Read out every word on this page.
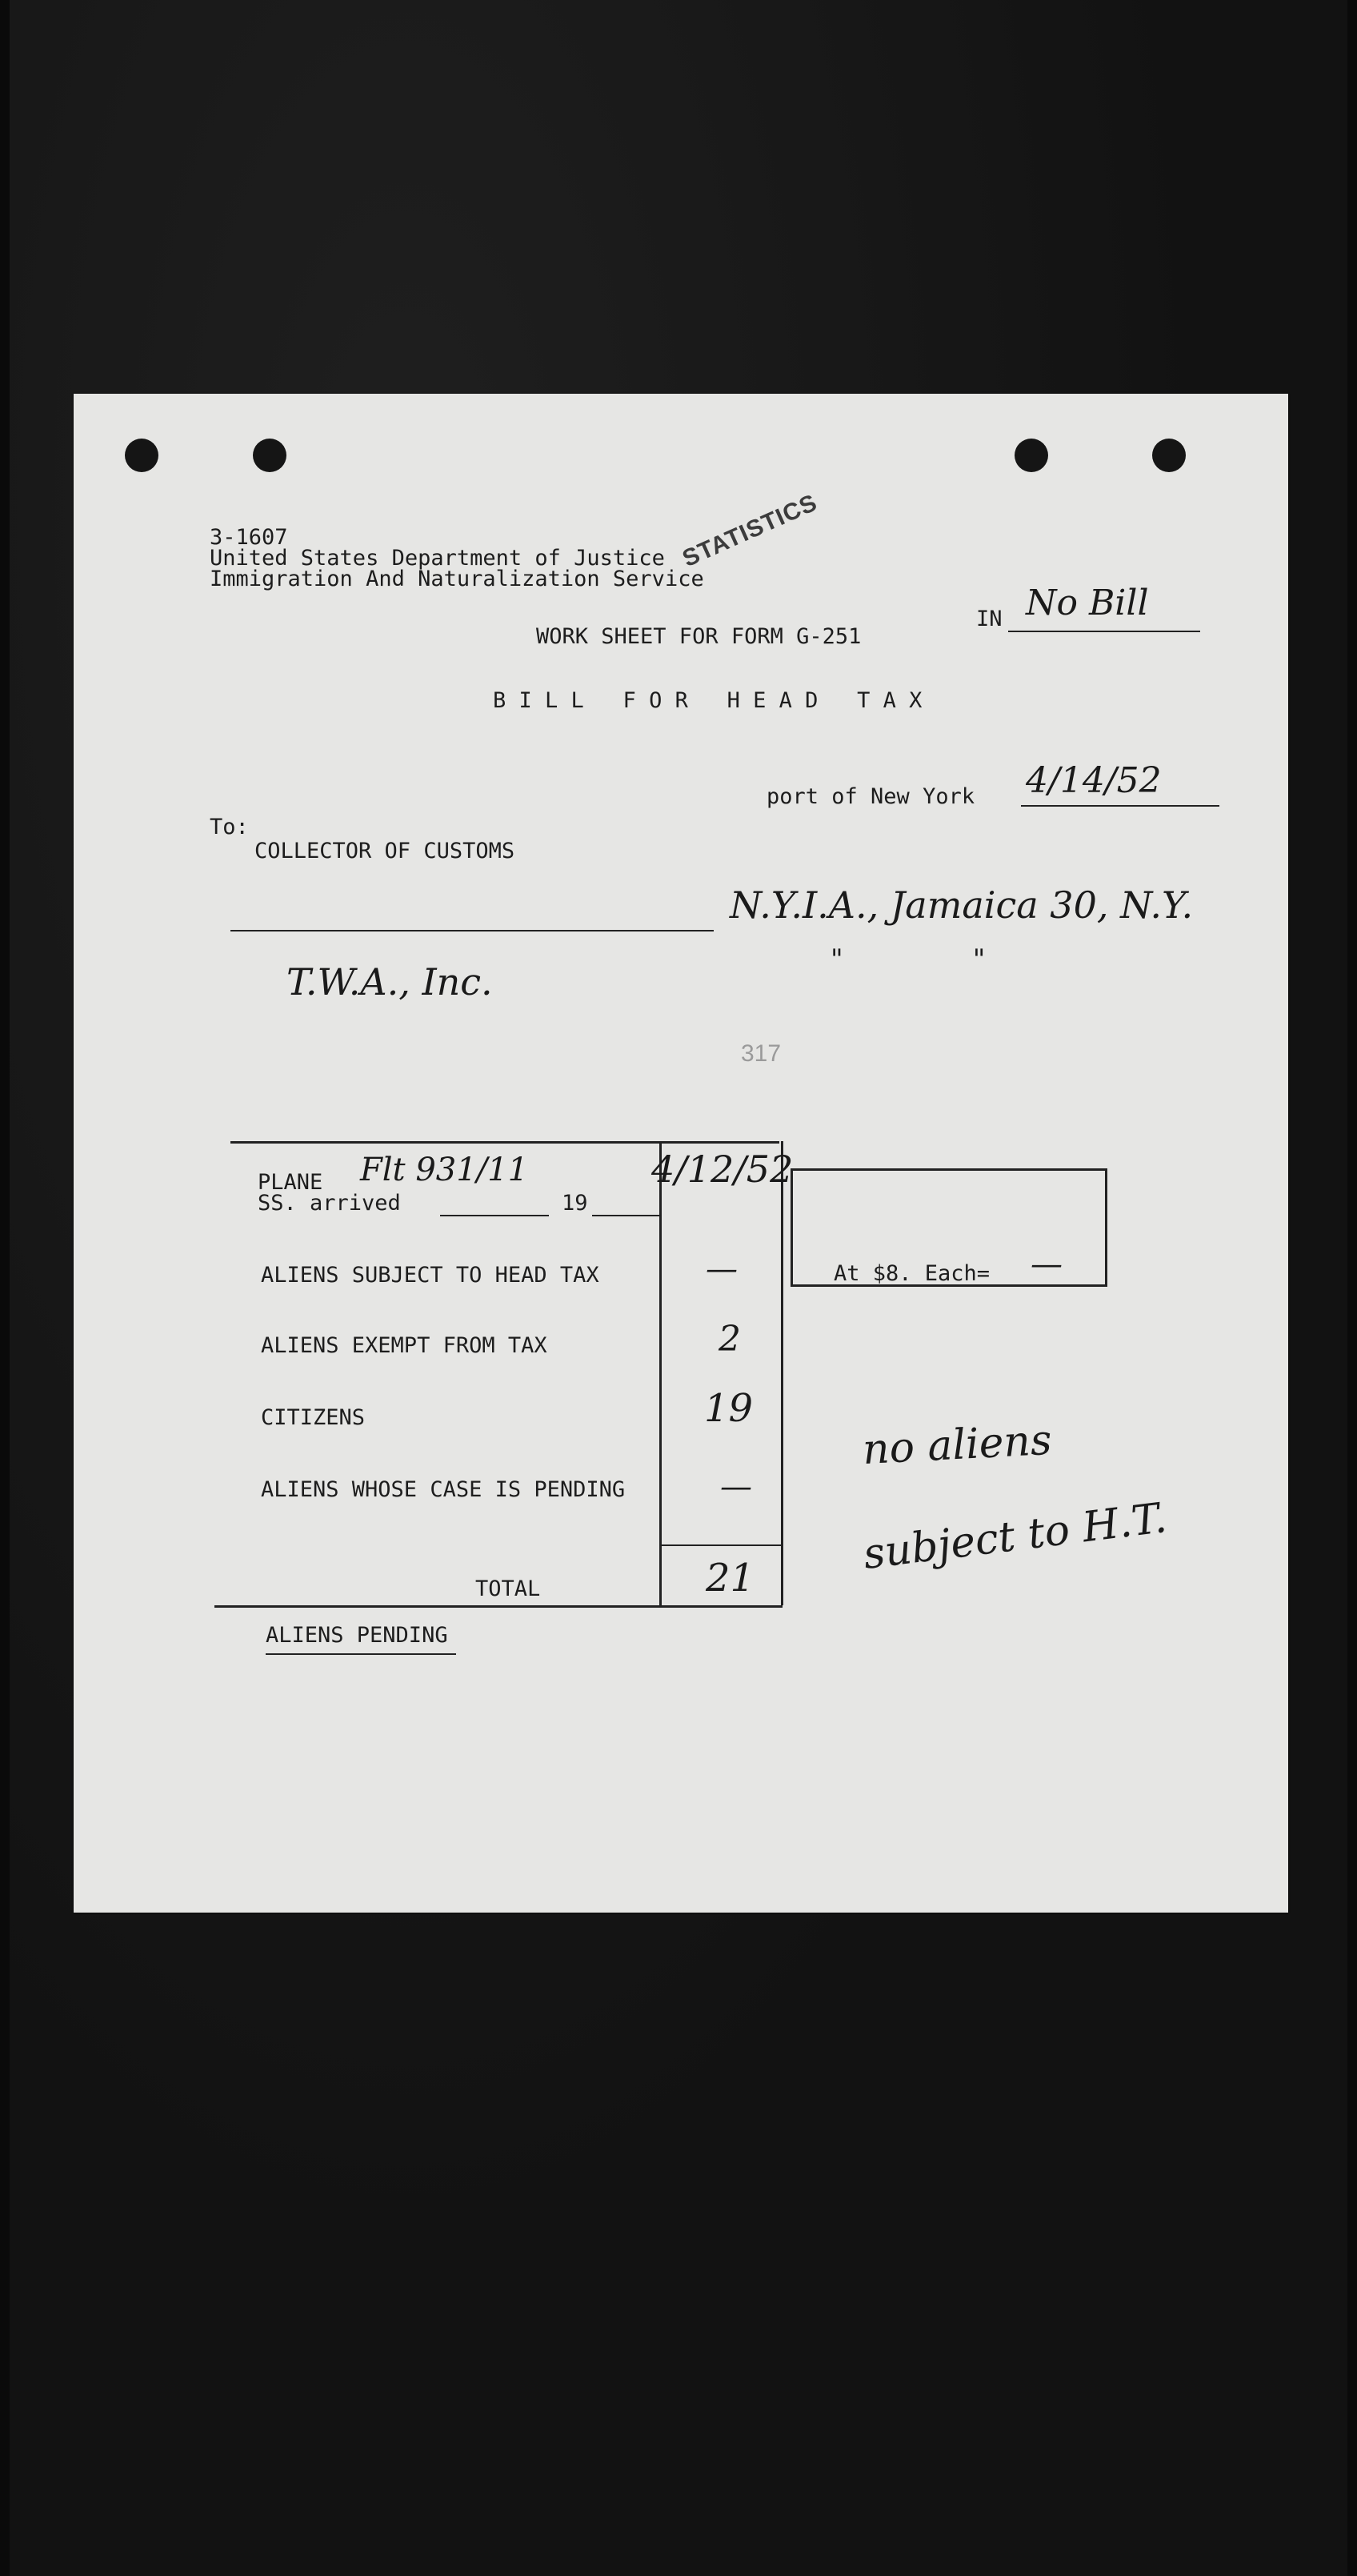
3-1607
United States Department of Justice
Immigration And Naturalization Service
STATISTICS
WORK SHEET FOR FORM G-251
IN No Bill
B I L L   F O R   H E A D   T A X
port of New York 4/14/52
To:
COLLECTOR OF CUSTOMS
N.Y.I.A., Jamaica 30, N.Y.
"               "
T.W.A., Inc.
317
PLANE Flt 931/11
SS. arrived	19
4/12/52
ALIENS SUBJECT TO HEAD TAX	—
ALIENS EXEMPT FROM TAX	2
CITIZENS	19
ALIENS WHOSE CASE IS PENDING	—
TOTAL	21
At $8. Each= —
ALIENS PENDING
no aliens
subject to H.T.
